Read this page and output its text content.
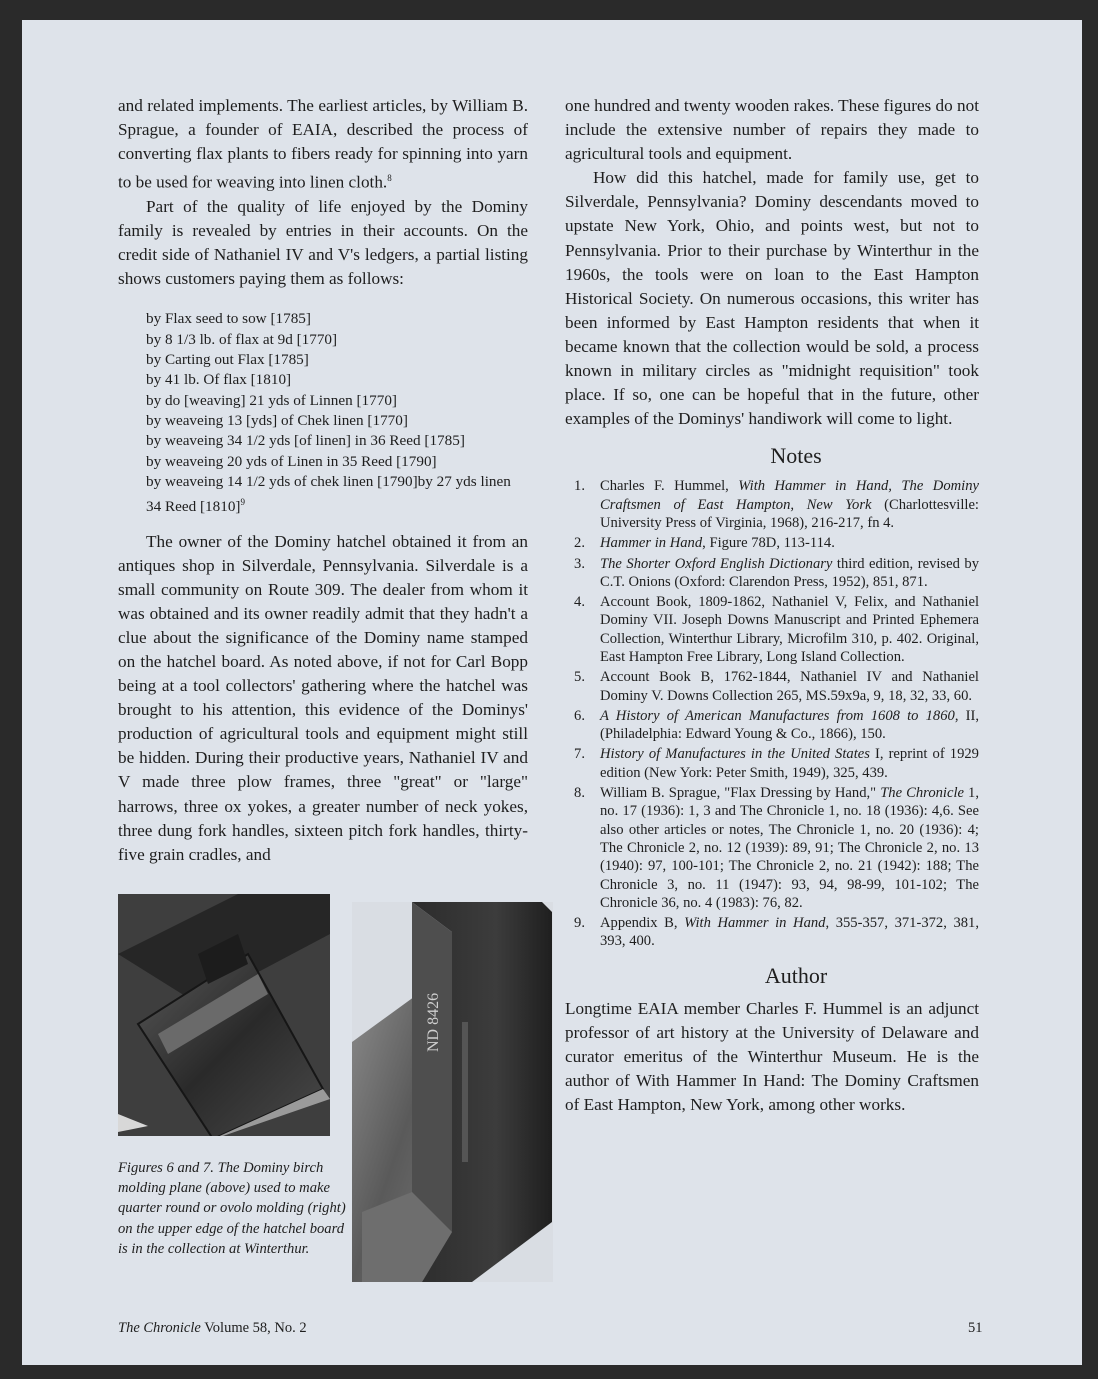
and related implements. The earliest articles, by William B. Sprague, a founder of EAIA, described the process of converting flax plants to fibers ready for spinning into yarn to be used for weaving into linen cloth.$^8$

Part of the quality of life enjoyed by the Dominy family is revealed by entries in their accounts. On the credit side of Nathaniel IV and V's ledgers, a partial listing shows customers paying them as follows:

by Flax seed to sow [1785]
by 8 1/3 lb. of flax at 9d [1770]
by Carting out Flax [1785]
by 41 lb. Of flax [1810]
by do [weaving] 21 yds of Linnen [1770]
by weaveing 13 [yds] of Chek linen [1770]
by weaveing 34 1/2 yds [of linen] in 36 Reed [1785]
by weaveing 20 yds of Linen in 35 Reed [1790]
by weaveing 14 1/2 yds of chek linen [1790]by 27 yds linen 34 Reed $[1810]^9$

The owner of the Dominy hatchel obtained it from an antiques shop in Silverdale, Pennsylvania. Silverdale is a small community on Route 309. The dealer from whom it was obtained and its owner readily admit that they hadn't a clue about the significance of the Dominy name stamped on the hatchel board. As noted above, if not for Carl Bopp being at a tool collectors' gathering where the hatchel was brought to his attention, this evidence of the Dominys' production of agricultural tools and equipment might still be hidden. During their productive years, Nathaniel IV and V made three plow frames, three "great" or "large" harrows, three ox yokes, a greater number of neck yokes, three dung fork handles, sixteen pitch fork handles, thirty-five grain cradles, and

ND 8426
Figures 6 and 7. The Dominy birch molding plane (above) used to make quarter round or ovolo molding (right) on the upper edge of the hatchel board is in the collection at Winterthur.

one hundred and twenty wooden rakes. These figures do not include the extensive number of repairs they made to agricultural tools and equipment.

How did this hatchel, made for family use, get to Silverdale, Pennsylvania? Dominy descendants moved to upstate New York, Ohio, and points west, but not to Pennsylvania. Prior to their purchase by Winterthur in the 1960s, the tools were on loan to the East Hampton Historical Society. On numerous occasions, this writer has been informed by East Hampton residents that when it became known that the collection would be sold, a process known in military circles as "midnight requisition" took place. If so, one can be hopeful that in the future, other examples of the Dominys' handiwork will come to light.

Notes
1. Charles F. Hummel, With Hammer in Hand, The Dominy Craftsmen of East Hampton, New York (Charlottesville: University Press of Virginia, 1968), 216-217, fn 4.
2. Hammer in Hand, Figure 78D, 113-114.
3. The Shorter Oxford English Dictionary third edition, revised by C.T. Onions (Oxford: Clarendon Press, 1952), 851, 871.
4. Account Book, 1809-1862, Nathaniel V, Felix, and Nathaniel Dominy VII. Joseph Downs Manuscript and Printed Ephemera Collection, Winterthur Library, Microfilm 310, p. 402. Original, East Hampton Free Library, Long Island Collection.
5. Account Book B, 1762-1844, Nathaniel IV and Nathaniel Dominy V. Downs Collection 265, MS.59x9a, 9, 18, 32, 33, 60.
6. A History of American Manufactures from 1608 to 1860, II, (Philadelphia: Edward Young & Co., 1866), 150.
7. History of Manufactures in the United States I, reprint of 1929 edition (New York: Peter Smith, 1949), 325, 439.
8. William B. Sprague, "Flax Dressing by Hand," The Chronicle 1, no. 17 (1936): 1, 3 and The Chronicle 1, no. 18 (1936): 4,6. See also other articles or notes, The Chronicle 1, no. 20 (1936): 4; The Chronicle 2, no. 12 (1939): 89, 91; The Chronicle 2, no. 13 (1940): 97, 100-101; The Chronicle 2, no. 21 (1942): 188; The Chronicle 3, no. 11 (1947): 93, 94, 98-99, 101-102; The Chronicle 36, no. 4 (1983): 76, 82.
9. Appendix B, With Hammer in Hand, 355-357, 371-372, 381, 393, 400.
Author

Longtime EAIA member Charles F. Hummel is an adjunct professor of art history at the University of Delaware and curator emeritus of the Winterthur Museum. He is the author of With Hammer In Hand: The Dominy Craftsmen of East Hampton, New York, among other works.

The Chronicle Volume 58, No. 2	51
